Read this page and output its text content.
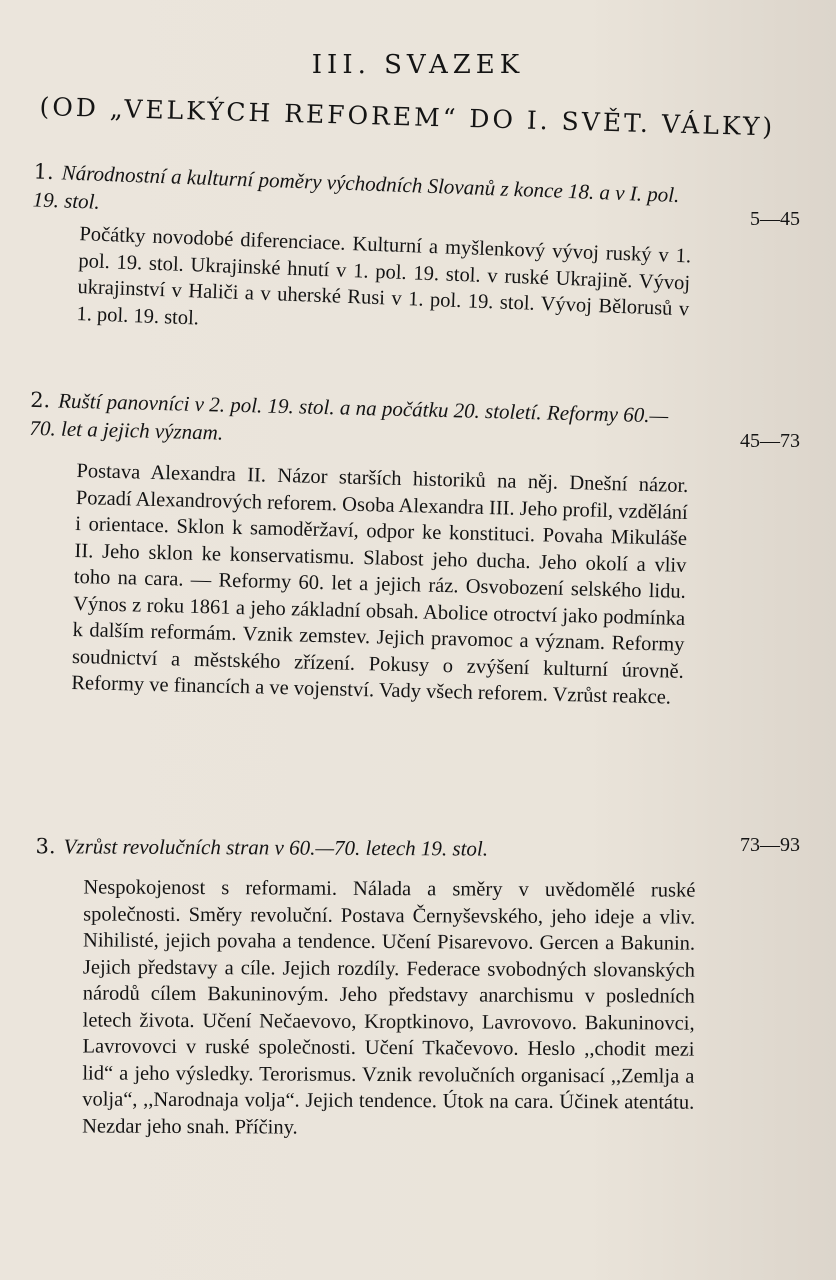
III. SVAZEK
(OD „VELKÝCH REFOREM“ DO I. SVĚT. VÁLKY)
1. Národnostní a kulturní poměry východních Slovanů z konce 18. a v I. pol. 19. stol.

Počátky novodobé diferenciace. Kulturní a myšlenkový vývoj ruský v 1. pol. 19. stol. Ukrajinské hnutí v 1. pol. 19. stol. v ruské Ukrajině. Vývoj ukrajinství v Haliči a v uherské Rusi v 1. pol. 19. stol. Vývoj Bělorusů v 1. pol. 19. stol.

5—45
2. Ruští panovníci v 2. pol. 19. stol. a na počátku 20. století. Reformy 60.—70. let a jejich význam.

Postava Alexandra II. Názor starších historiků na něj. Dnešní názor. Pozadí Alexandrových reforem. Osoba Alexandra III. Jeho profil, vzdělání i orientace. Sklon k samoděržaví, odpor ke konstituci. Povaha Mikuláše II. Jeho sklon ke konservatismu. Slabost jeho ducha. Jeho okolí a vliv toho na cara. — Reformy 60. let a jejich ráz. Osvobození selského lidu. Výnos z roku 1861 a jeho základní obsah. Abolice otroctví jako podmínka k dalším reformám. Vznik zemstev. Jejich pravomoc a význam. Reformy soudnictví a městského zřízení. Pokusy o zvýšení kulturní úrovně. Reformy ve financích a ve vojenství. Vady všech reforem. Vzrůst reakce.

45—73
3. Vzrůst revolučních stran v 60.—70. letech 19. stol.

Nespokojenost s reformami. Nálada a směry v uvědomělé ruské společnosti. Směry revoluční. Postava Černyševského, jeho ideje a vliv. Nihilisté, jejich povaha a tendence. Učení Pisarevovo. Gercen a Bakunin. Jejich představy a cíle. Jejich rozdíly. Federace svobodných slovanských národů cílem Bakuninovým. Jeho představy anarchismu v posledních letech života. Učení Nečaevovo, Kroptkinovo, Lavrovovo. Bakuninovci, Lavrovovci v ruské společnosti. Učení Tkačevovo. Heslo ,,chodit mezi lid“ a jeho výsledky. Terorismus. Vznik revolučních organisací ,,Zemlja a volja“, ,,Narodnaja volja“. Jejich tendence. Útok na cara. Účinek atentátu. Nezdar jeho snah. Příčiny.

73—93
